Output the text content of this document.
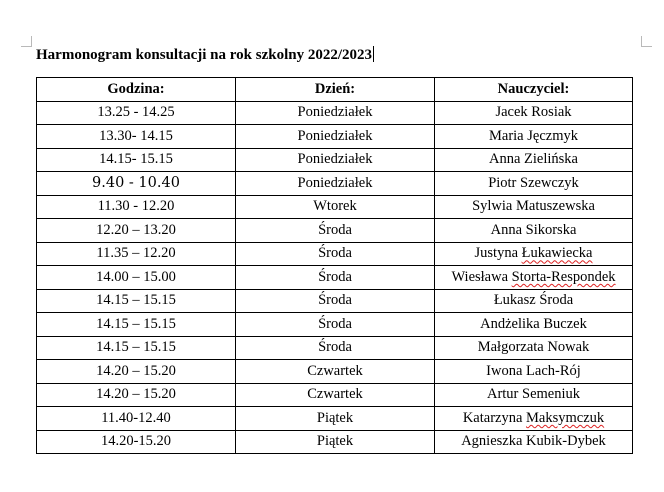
Harmonogram konsultacji na rok szkolny 2022/2023
Godzina:	Dzień:	Nauczyciel:
13.25 - 14.25	Poniedziałek	Jacek Rosiak
13.30- 14.15	Poniedziałek	Maria Jęczmyk
14.15- 15.15	Poniedziałek	Anna Zielińska
9.40 - 10.40	Poniedziałek	Piotr Szewczyk
11.30 - 12.20	Wtorek	Sylwia Matuszewska
12.20 – 13.20	Środa	Anna Sikorska
11.35 – 12.20	Środa	Justyna Łukawiecka
14.00 – 15.00	Środa	Wiesława Storta-Respondek
14.15 – 15.15	Środa	Łukasz Środa
14.15 – 15.15	Środa	Andżelika Buczek
14.15 – 15.15	Środa	Małgorzata Nowak
14.20 – 15.20	Czwartek	Iwona Lach-Rój
14.20 – 15.20	Czwartek	Artur Semeniuk
11.40-12.40	Piątek	Katarzyna Maksymczuk
14.20-15.20	Piątek	Agnieszka Kubik-Dybek
